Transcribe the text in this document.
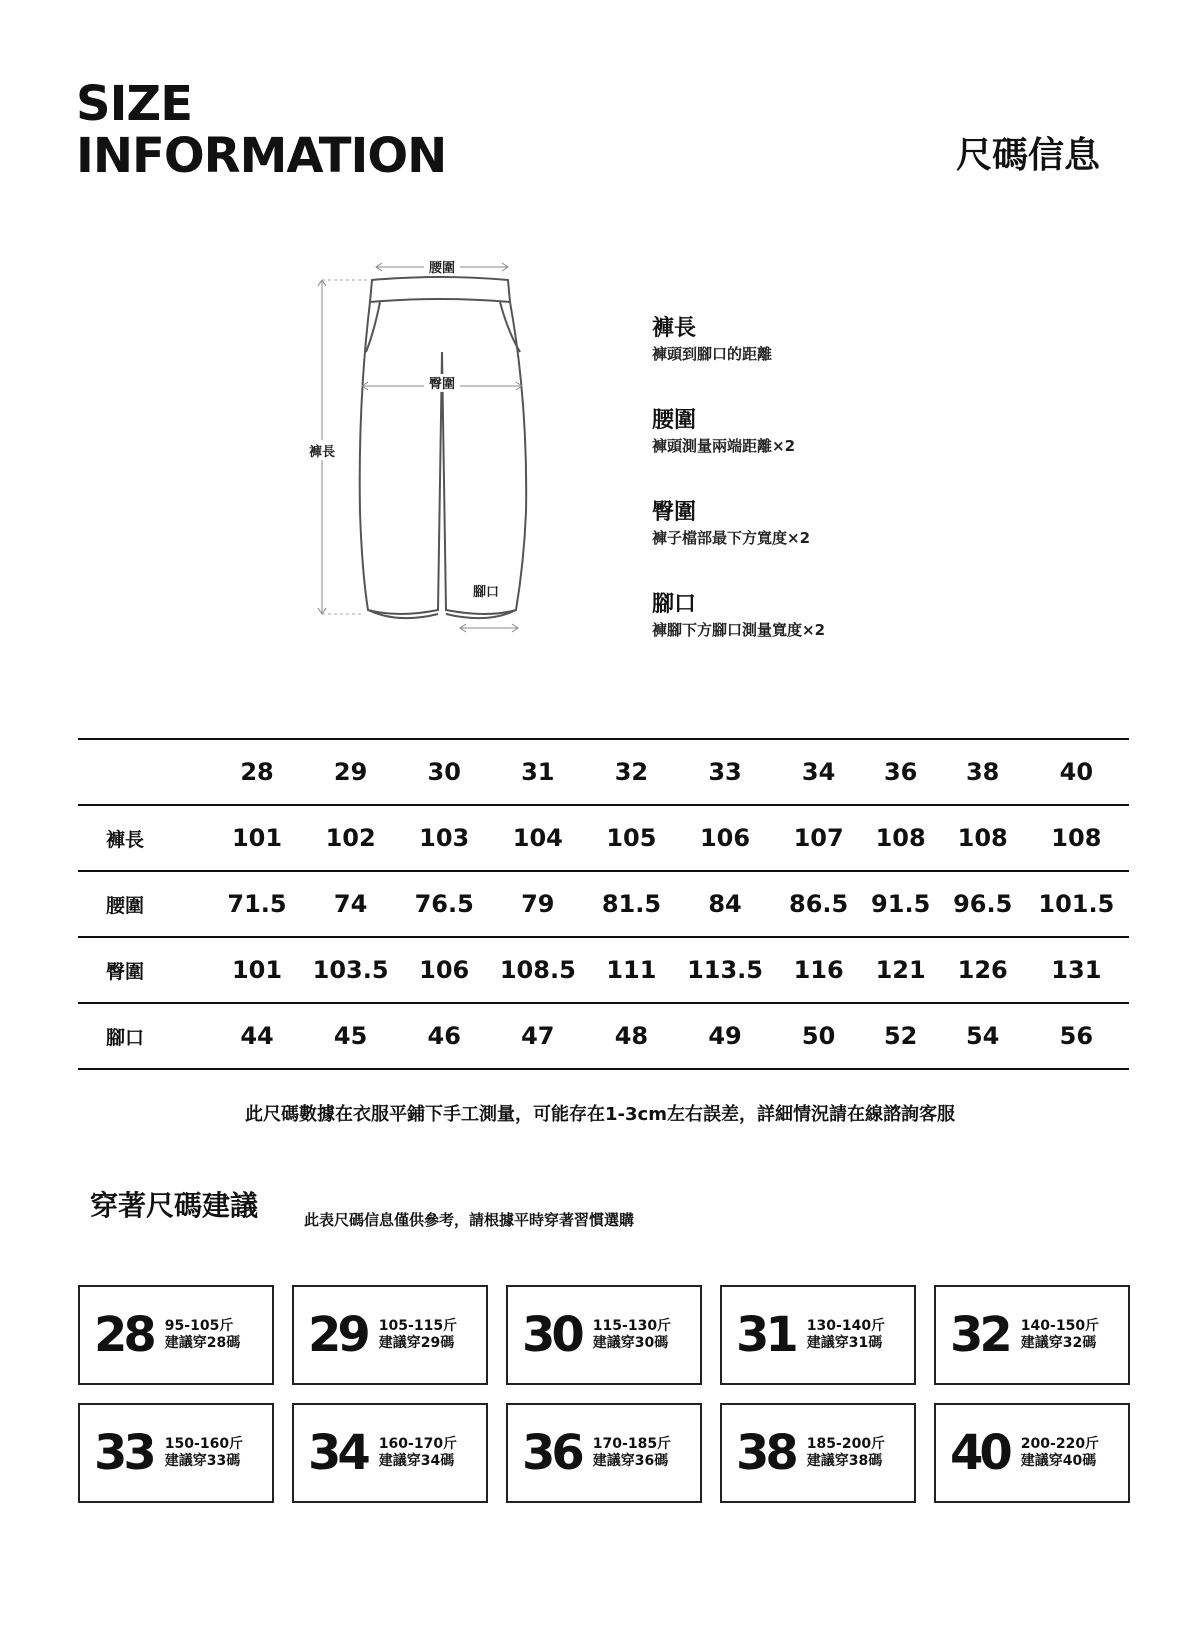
SIZE
INFORMATION	尺碼信息
腰圍
褲長
臀圍
腳口
褲長
褲頭到腳口的距離
腰圍
褲頭測量兩端距離×2
臀圍
褲子檔部最下方寬度×2
腳口
褲腳下方腳口測量寬度×2
	28	29	30	31	32	33	34	36	38	40
褲長	101	102	103	104	105	106	107	108	108	108
腰圍	71.5	74	76.5	79	81.5	84	86.5	91.5	96.5	101.5
臀圍	101	103.5	106	108.5	111	113.5	116	121	126	131
腳口	44	45	46	47	48	49	50	52	54	56
此尺碼數據在衣服平鋪下手工測量，可能存在1-3cm左右誤差，詳細情況請在線諮詢客服
穿著尺碼建議	此表尺碼信息僅供參考，請根據平時穿著習慣選購
28 95-105斤
建議穿28碼 29 105-115斤
建議穿29碼 30 115-130斤
建議穿30碼 31 130-140斤
建議穿31碼 32 140-150斤
建議穿32碼
33 150-160斤
建議穿33碼 34 160-170斤
建議穿34碼 36 170-185斤
建議穿36碼 38 185-200斤
建議穿38碼 40 200-220斤
建議穿40碼
